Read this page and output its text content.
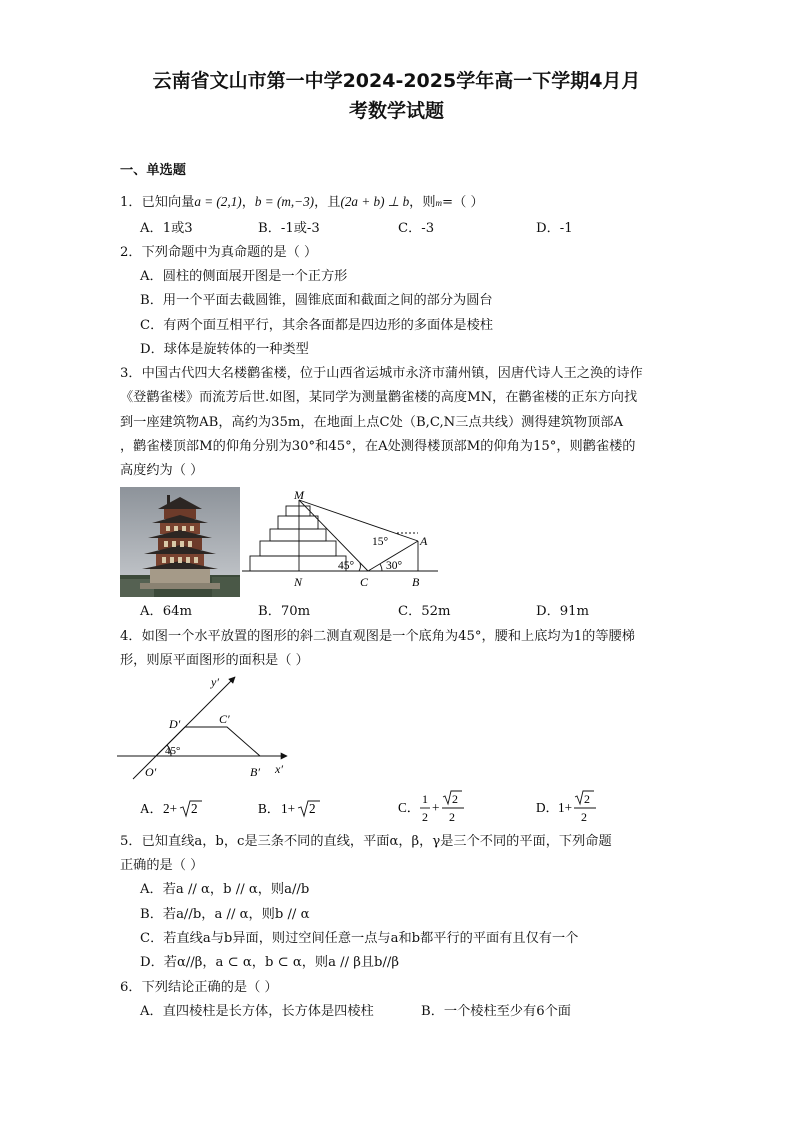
云南省文山市第一中学2024-2025学年高一下学期4月月
考数学试题
一、单选题
1．已知向量a = (2,1)，b = (m,−3)，且(2a + b) ⊥ b，则m=（ ）
A．1或3	B．-1或-3	C．-3	D．-1
2．下列命题中为真命题的是（ ）
A．圆柱的侧面展开图是一个正方形
B．用一个平面去截圆锥，圆锥底面和截面之间的部分为圆台
C．有两个面互相平行，其余各面都是四边形的多面体是棱柱
D．球体是旋转体的一种类型
3．中国古代四大名楼鹳雀楼，位于山西省运城市永济市蒲州镇，因唐代诗人王之涣的诗作
《登鹳雀楼》而流芳后世.如图，某同学为测量鹳雀楼的高度MN，在鹳雀楼的正东方向找
到一座建筑物AB，高约为35m，在地面上点C处（B,C,N三点共线）测得建筑物顶部A
，鹳雀楼顶部M的仰角分别为30°和45°，在A处测得楼顶部M的仰角为15°，则鹳雀楼的
高度约为（ ）
M
N	C	B
A
45°	30°
15°
A．64m	B．70m	C．52m	D．91m
4．如图一个水平放置的图形的斜二测直观图是一个底角为45°，腰和上底均为1的等腰梯
形，则原平面图形的面积是（ ）
y′
x′
O′	B′
C′
D′
45°
A． 2+ 2	B． 1+ 2	C．
1
2
+
2
2
D． 1+
2
2
5．已知直线a，b，c是三条不同的直线，平面α，β，γ是三个不同的平面，下列命题
正确的是（ ）
A．若a // α，b // α，则a//b
B．若a//b，a // α，则b // α
C．若直线a与b异面，则过空间任意一点与a和b都平行的平面有且仅有一个
D．若α//β，a ⊂ α，b ⊂ α，则a // β且b//β
6．下列结论正确的是（ ）
A．直四棱柱是长方体，长方体是四棱柱	B．一个棱柱至少有6个面
